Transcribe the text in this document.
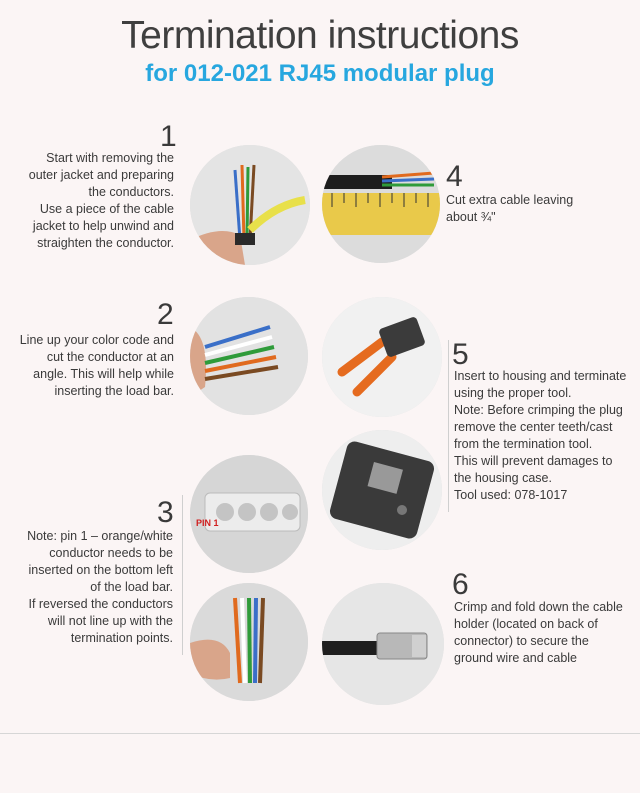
Termination instructions
for 012-021 RJ45 modular plug
1
Start with removing the
outer jacket and preparing
the conductors.
Use a piece of the cable
jacket to help unwind and
straighten the conductor.
4
Cut extra cable leaving
about ¾"
2
Line up your color code and
cut the conductor at an
angle. This will help while
inserting the load bar.
5
Insert to housing and terminate
using the proper tool.
Note: Before crimping the plug
remove the center teeth/cast
from the termination tool.
This will prevent damages to
the housing case.
Tool used: 078-1017
PIN 1
3
Note: pin 1 – orange/white
conductor needs to be
inserted on the bottom left
of the load bar.
If reversed the conductors
will not line up with the
termination points.
6
Crimp and fold down the cable
holder (located on back of
connector) to secure the
ground wire and cable
